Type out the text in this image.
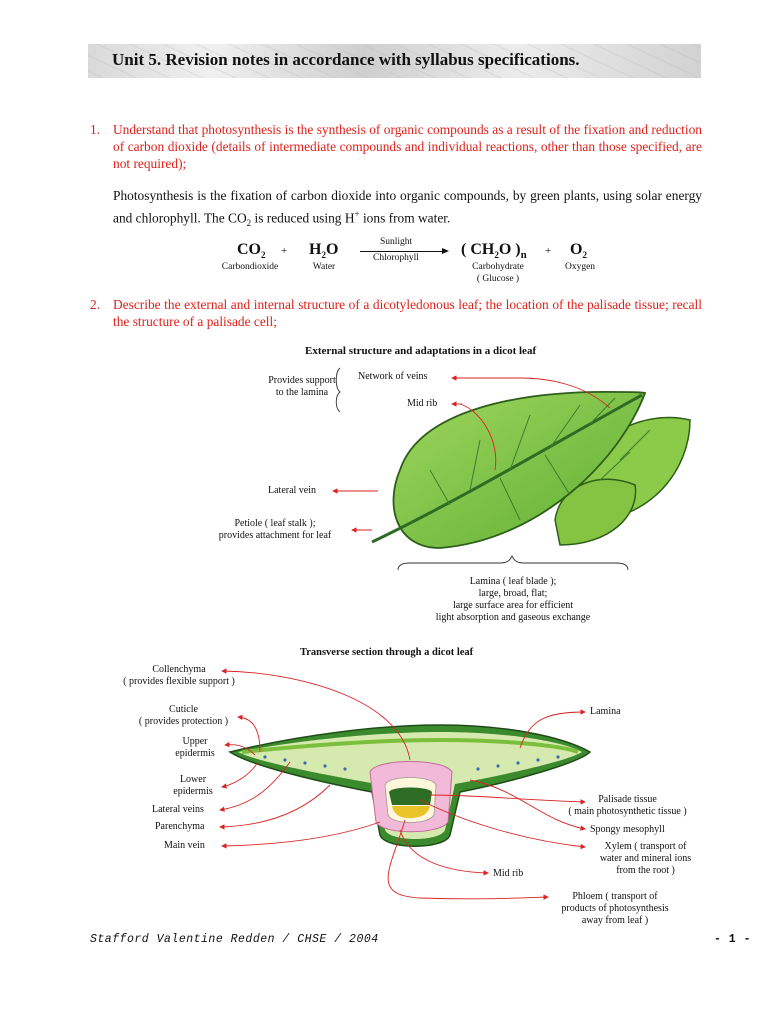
Unit 5. Revision notes in accordance with syllabus specifications.
1. Understand that photosynthesis is the synthesis of organic compounds as a result of the fixation and reduction of carbon dioxide (details of intermediate compounds and individual reactions, other than those specified, are not required);
Photosynthesis is the fixation of carbon dioxide into organic compounds, by green plants, using solar energy and chlorophyll. The $CO_2$ is reduced using H+ ions from water.
$CO_2 + H_2O$	Sunlight
Chlorophyll	( $CH_2O$ )$_n + O_2$
Carbondioxide	Water	Carbohydrate
( Glucose )
Oxygen
2. Describe the external and internal structure of a dicotyledonous leaf; the location of the palisade tissue; recall the structure of a palisade cell;
External structure and adaptations in a dicot leaf
Provides support
to the lamina
Network of veins
Mid rib
Lateral vein
Petiole ( leaf stalk );
provides attachment for leaf
Lamina ( leaf blade );
large, broad, flat;
large surface area for efficient
light absorption and gaseous exchange
Transverse section through a dicot leaf
Collenchyma
( provides flexible support )
Cuticle
( provides protection )
Upper
epidermis
Lower
epidermis
Lateral veins
Parenchyma
Main vein
Lamina
Palisade tissue
( main photosynthetic tissue )
Spongy mesophyll
Xylem ( transport of
water and mineral ions
from the root )
Mid rib
Phloem ( transport of
products of photosynthesis
away from leaf )
Stafford Valentine Redden / CHSE / 2004	- 1 -
